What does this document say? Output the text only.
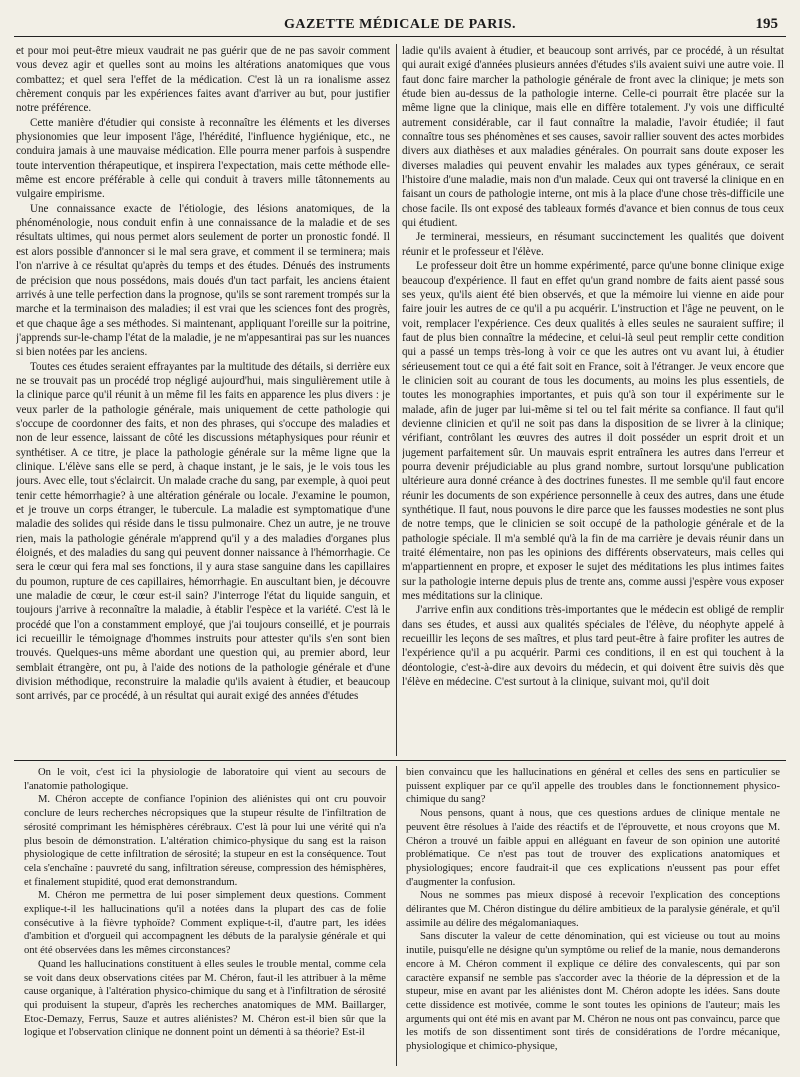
GAZETTE MÉDICALE DE PARIS.	195

et pour moi peut-être mieux vaudrait ne pas guérir que de ne pas savoir comment vous devez agir et quelles sont au moins les altérations anatomiques que vous combattez; et quel sera l'effet de la médication. C'est là un ra ionalisme assez chèrement conquis par les expériences faites avant d'arriver au but, pour justifier notre préférence.

Cette manière d'étudier qui consiste à reconnaître les éléments et les diverses physionomies que leur imposent l'âge, l'hérédité, l'influence hygiénique, etc., ne conduira jamais à une mauvaise médication. Elle pourra mener parfois à suspendre toute intervention thérapeutique, et inspirera l'expectation, mais cette méthode elle-même est encore préférable à celle qui conduit à travers mille tâtonnements au vulgaire empirisme.

Une connaissance exacte de l'étiologie, des lésions anatomiques, de la phénoménologie, nous conduit enfin à une connaissance de la maladie et de ses résultats ultimes, qui nous permet alors seulement de porter un pronostic fondé. Il est alors possible d'annoncer si le mal sera grave, et comment il se terminera; mais l'on n'arrive à ce résultat qu'après du temps et des études. Dénués des instruments de précision que nous possédons, mais doués d'un tact parfait, les anciens étaient arrivés à une telle perfection dans la prognose, qu'ils se sont rarement trompés sur la marche et la terminaison des maladies; il est vrai que les sciences font des progrès, et que chaque âge a ses méthodes. Si maintenant, appliquant l'oreille sur la poitrine, j'apprends sur-le-champ l'état de la maladie, je ne m'appesantirai pas sur les nuances si bien notées par les anciens.

Toutes ces études seraient effrayantes par la multitude des détails, si derrière eux ne se trouvait pas un procédé trop négligé aujourd'hui, mais singulièrement utile à la clinique parce qu'il réunit à un même fil les faits en apparence les plus divers : je veux parler de la pathologie générale, mais uniquement de cette pathologie qui s'occupe de coordonner des faits, et non des phrases, qui s'occupe des maladies et non de leur essence, laissant de côté les discussions métaphysiques pour réunir et synthétiser. A ce titre, je place la pathologie générale sur la même ligne que la clinique. L'élève sans elle se perd, à chaque instant, je le sais, je le vois tous les jours. Avec elle, tout s'éclaircit. Un malade crache du sang, par exemple, à quoi peut tenir cette hémorrhagie? à une altération générale ou locale. J'examine le poumon, et je trouve un corps étranger, le tubercule. La maladie est symptomatique d'une maladie des solides qui réside dans le tissu pulmonaire. Chez un autre, je ne trouve rien, mais la pathologie générale m'apprend qu'il y a des maladies d'organes plus éloignés, et des maladies du sang qui peuvent donner naissance à l'hémorrhagie. Ce sera le cœur qui fera mal ses fonctions, il y aura stase sanguine dans les capillaires du poumon, rupture de ces capillaires, hémorrhagie. En auscultant bien, je découvre une maladie de cœur, le cœur est-il sain? J'interroge l'état du liquide sanguin, et toujours j'arrive à reconnaître la maladie, à établir l'espèce et la variété. C'est là le procédé que l'on a constamment employé, que j'ai toujours conseillé, et je pourrais ici recueillir le témoignage d'hommes instruits pour attester qu'ils s'en sont bien trouvés. Quelques-uns même abordant une question qui, au premier abord, leur semblait étrangère, ont pu, à l'aide des notions de la pathologie générale et d'une division méthodique, reconstruire la maladie qu'ils avaient à étudier, et beaucoup sont arrivés, par ce procédé, à un résultat qui aurait exigé des années d'études

ladie qu'ils avaient à étudier, et beaucoup sont arrivés, par ce procédé, à un résultat qui aurait exigé d'années plusieurs années d'études s'ils avaient suivi une autre voie. Il faut donc faire marcher la pathologie générale de front avec la clinique; je mets son étude bien au-dessus de la pathologie interne. Celle-ci pourrait être placée sur la même ligne que la clinique, mais elle en diffère totalement. J'y vois une difficulté autrement considérable, car il faut connaître la maladie, l'avoir étudiée; il faut connaître tous ses phénomènes et ses causes, savoir rallier souvent des actes morbides divers aux diathèses et aux maladies générales. On pourrait sans doute exposer les diverses maladies qui peuvent envahir les malades aux types généraux, ce serait l'histoire d'une maladie, mais non d'un malade. Ceux qui ont traversé la clinique en en faisant un cours de pathologie interne, ont mis à la place d'une chose très-difficile une chose facile. Ils ont exposé des tableaux formés d'avance et bien connus de tous ceux qui étudient.

Je terminerai, messieurs, en résumant succinctement les qualités que doivent réunir et le professeur et l'élève.

Le professeur doit être un homme expérimenté, parce qu'une bonne clinique exige beaucoup d'expérience. Il faut en effet qu'un grand nombre de faits aient passé sous ses yeux, qu'ils aient été bien observés, et que la mémoire lui vienne en aide pour faire jouir les autres de ce qu'il a pu acquérir. L'instruction et l'âge ne peuvent, on le voit, remplacer l'expérience. Ces deux qualités à elles seules ne sauraient suffire; il faut de plus bien connaître la médecine, et celui-là seul peut remplir cette condition qui a passé un temps très-long à voir ce que les autres ont vu avant lui, à étudier sérieusement tout ce qui a été fait soit en France, soit à l'étranger. Je veux encore que le clinicien soit au courant de tous les documents, au moins les plus essentiels, de toutes les monographies importantes, et puis qu'à son tour il expérimente sur le malade, afin de juger par lui-même si tel ou tel fait mérite sa confiance. Il faut qu'il devienne clinicien et qu'il ne soit pas dans la disposition de se livrer à la clinique; vérifiant, contrôlant les œuvres des autres il doit posséder un esprit droit et un jugement parfaitement sûr. Un mauvais esprit entraînera les autres dans l'erreur et pourra devenir préjudiciable au plus grand nombre, surtout lorsqu'une publication ultérieure aura donné créance à des doctrines funestes. Il me semble qu'il faut encore réunir les documents de son expérience personnelle à ceux des autres, dans une étude synthétique. Il faut, nous pouvons le dire parce que les fausses modesties ne sont plus de notre temps, que le clinicien se soit occupé de la pathologie générale et de la pathologie spéciale. Il m'a semblé qu'à la fin de ma carrière je devais réunir dans un traité élémentaire, non pas les opinions des différents observateurs, mais celles qui m'appartiennent en propre, et exposer le sujet des méditations les plus intimes faites sur la pathologie interne depuis plus de trente ans, comme aussi j'espère vous exposer mes méditations sur la clinique.

J'arrive enfin aux conditions très-importantes que le médecin est obligé de remplir dans ses études, et aussi aux qualités spéciales de l'élève, du néophyte appelé à recueillir les leçons de ses maîtres, et plus tard peut-être à faire profiter les autres de l'expérience qu'il a pu acquérir. Parmi ces conditions, il en est qui touchent à la déontologie, c'est-à-dire aux devoirs du médecin, et qui doivent être suivis dès que l'élève en médecine. C'est surtout à la clinique, suivant moi, qu'il doit

On le voit, c'est ici la physiologie de laboratoire qui vient au secours de l'anatomie pathologique.

M. Chéron accepte de confiance l'opinion des aliénistes qui ont cru pouvoir conclure de leurs recherches nécropsiques que la stupeur résulte de l'infiltration de sérosité comprimant les hémisphères cérébraux. C'est là pour lui une vérité qui n'a plus besoin de démonstration. L'altération chimico-physique du sang est la raison physiologique de cette infiltration de sérosité; la stupeur en est la conséquence. Tout cela s'enchaîne : pauvreté du sang, infiltration séreuse, compression des hémisphères, et finalement stupidité, quod erat demonstrandum.

M. Chéron me permettra de lui poser simplement deux questions. Comment explique-t-il les hallucinations qu'il a notées dans la plupart des cas de folie consécutive à la fièvre typhoïde? Comment explique-t-il, d'autre part, les idées d'ambition et d'orgueil qui accompagnent les débuts de la paralysie générale et qui ont été observées dans les mêmes circonstances?

Quand les hallucinations constituent à elles seules le trouble mental, comme cela se voit dans deux observations citées par M. Chéron, faut-il les attribuer à la même cause organique, à l'altération physico-chimique du sang et à l'infiltration de sérosité qui produisent la stupeur, d'après les recherches anatomiques de MM. Baillarger, Etoc-Demazy, Ferrus, Sauze et autres aliénistes? M. Chéron est-il bien sûr que la logique et l'observation clinique ne donnent point un démenti à sa théorie? Est-il

bien convaincu que les hallucinations en général et celles des sens en particulier se puissent expliquer par ce qu'il appelle des troubles dans le fonctionnement physico-chimique du sang?

Nous pensons, quant à nous, que ces questions ardues de clinique mentale ne peuvent être résolues à l'aide des réactifs et de l'éprouvette, et nous croyons que M. Chéron a trouvé un faible appui en alléguant en faveur de son opinion une autorité problématique. Ce n'est pas tout de trouver des explications anatomiques et physiologiques; encore faudrait-il que ces explications n'eussent pas pour effet d'augmenter la confusion.

Nous ne sommes pas mieux disposé à recevoir l'explication des conceptions délirantes que M. Chéron distingue du délire ambitieux de la paralysie générale, et qu'il assimile au délire des mégalomaniaques.

Sans discuter la valeur de cette dénomination, qui est vicieuse ou tout au moins inutile, puisqu'elle ne désigne qu'un symptôme ou relief de la manie, nous demanderons encore à M. Chéron comment il explique ce délire des convalescents, qui par son caractère expansif ne semble pas s'accorder avec la théorie de la dépression et de la stupeur, mise en avant par les aliénistes dont M. Chéron adopte les idées. Sans doute cette dissidence est motivée, comme le sont toutes les opinions de l'auteur; mais les arguments qui ont été mis en avant par M. Chéron ne nous ont pas convaincu, parce que les motifs de son dissentiment sont tirés de considérations de l'ordre mécanique, physiologique et chimico-physique,
